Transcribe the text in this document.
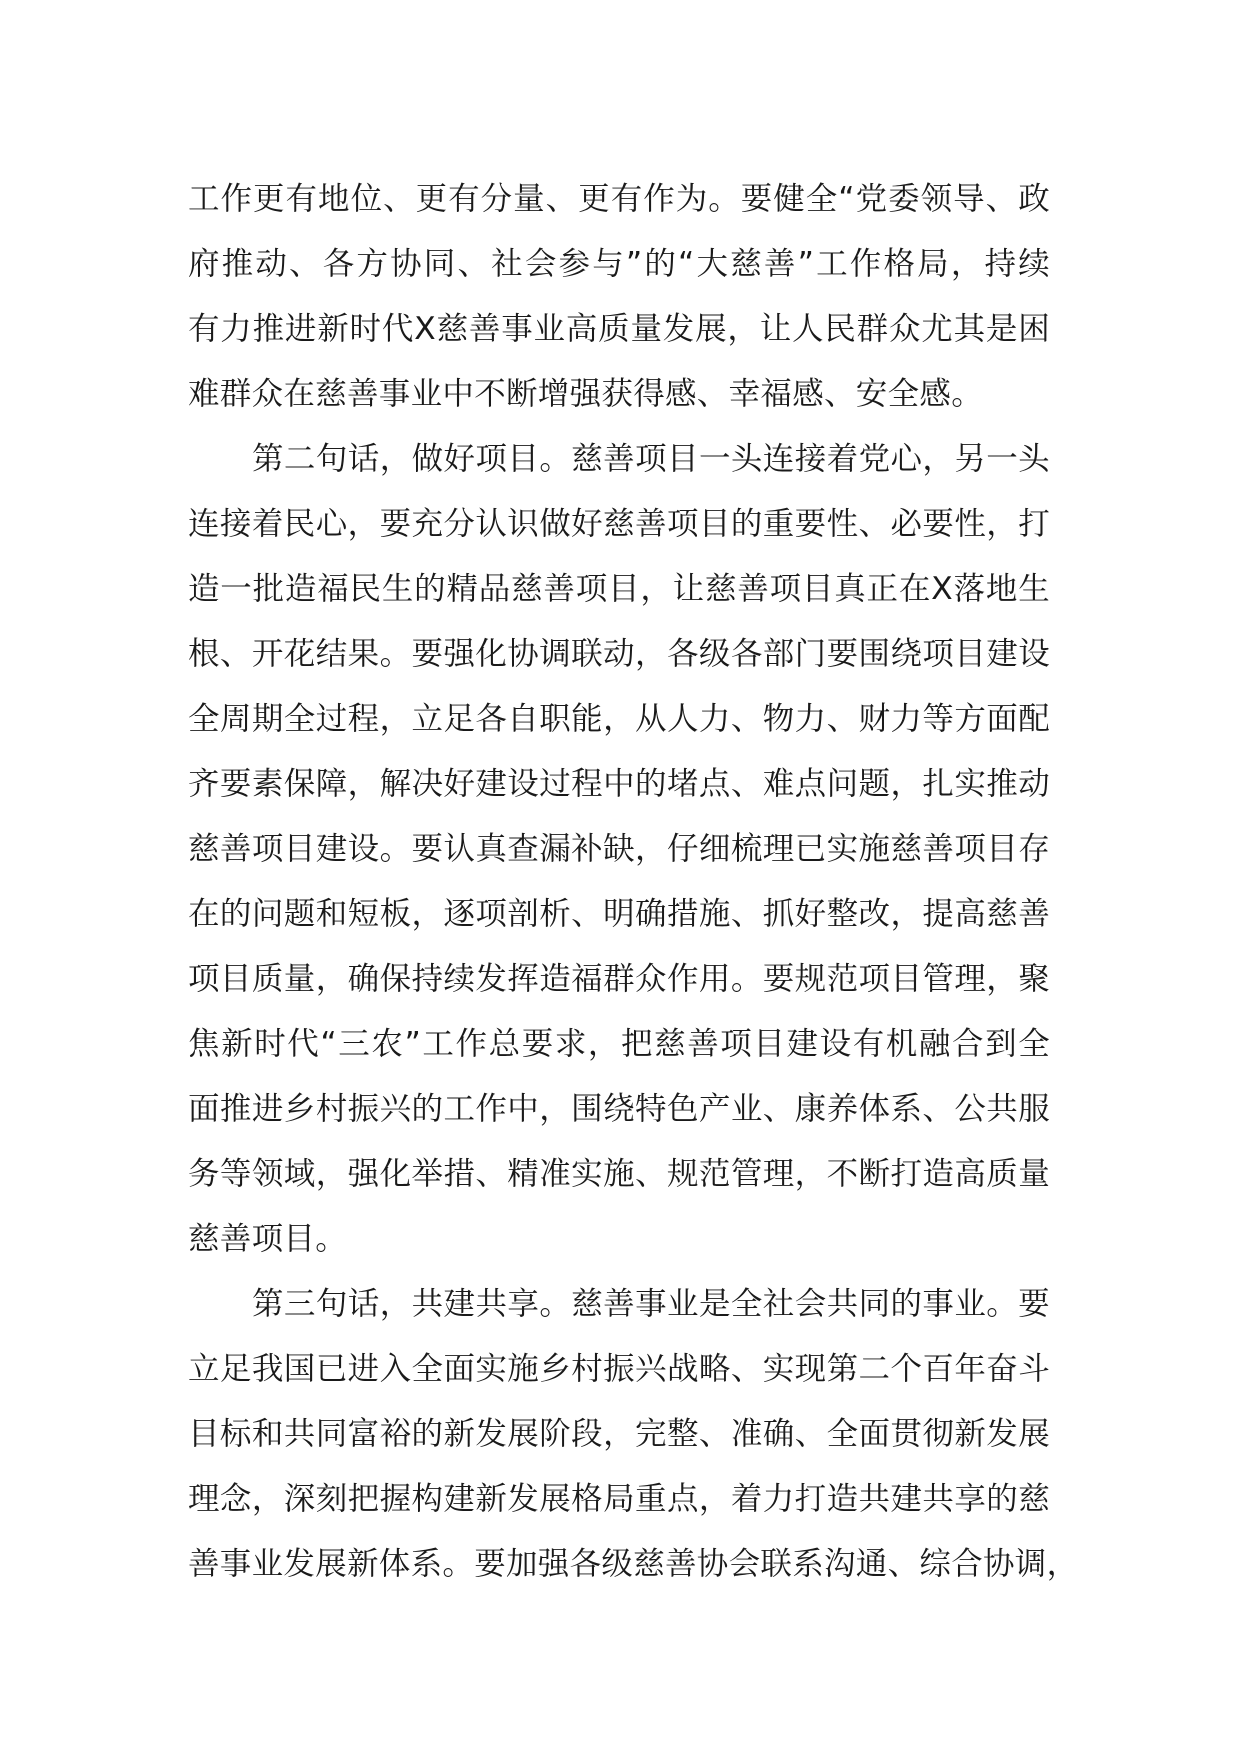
工作更有地位、更有分量、更有作为。要健全“党委领导、政
府推动、各方协同、社会参与”的“大慈善”工作格局，持续
有力推进新时代X慈善事业高质量发展，让人民群众尤其是困
难群众在慈善事业中不断增强获得感、幸福感、安全感。
第二句话，做好项目。慈善项目一头连接着党心，另一头
连接着民心，要充分认识做好慈善项目的重要性、必要性，打
造一批造福民生的精品慈善项目，让慈善项目真正在X落地生
根、开花结果。要强化协调联动，各级各部门要围绕项目建设
全周期全过程，立足各自职能，从人力、物力、财力等方面配
齐要素保障，解决好建设过程中的堵点、难点问题，扎实推动
慈善项目建设。要认真查漏补缺，仔细梳理已实施慈善项目存
在的问题和短板，逐项剖析、明确措施、抓好整改，提高慈善
项目质量，确保持续发挥造福群众作用。要规范项目管理，聚
焦新时代“三农”工作总要求，把慈善项目建设有机融合到全
面推进乡村振兴的工作中，围绕特色产业、康养体系、公共服
务等领域，强化举措、精准实施、规范管理，不断打造高质量
慈善项目。
第三句话，共建共享。慈善事业是全社会共同的事业。要
立足我国已进入全面实施乡村振兴战略、实现第二个百年奋斗
目标和共同富裕的新发展阶段，完整、准确、全面贯彻新发展
理念，深刻把握构建新发展格局重点，着力打造共建共享的慈
善事业发展新体系。要加强各级慈善协会联系沟通、综合协调，
